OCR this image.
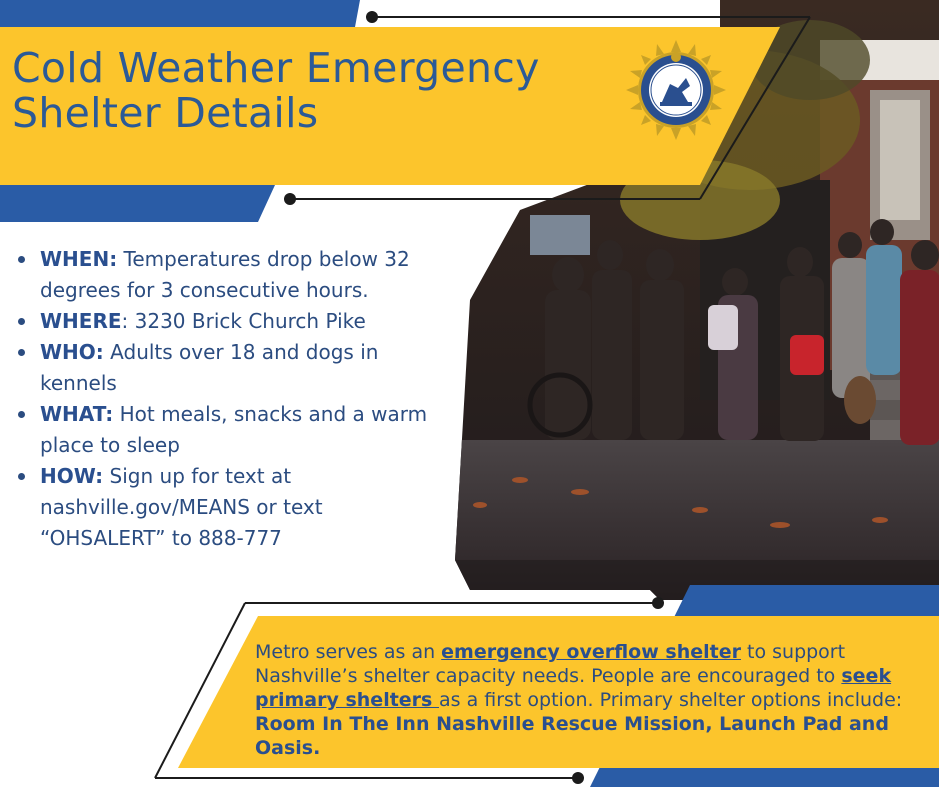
Cold Weather Emergency
Shelter Details
WHEN: Temperatures drop below 32 degrees for 3 consecutive hours.
WHERE: 3230 Brick Church Pike
WHO: Adults over 18 and dogs in kennels
WHAT: Hot meals, snacks and a warm place to sleep
HOW: Sign up for text at nashville.gov/MEANS or text “OHSALERT” to 888-777
Metro serves as an emergency overflow shelter to support Nashville’s shelter capacity needs. People are encouraged to seek primary shelters as a first option. Primary shelter options include: Room In The Inn Nashville Rescue Mission, Launch Pad and Oasis.
